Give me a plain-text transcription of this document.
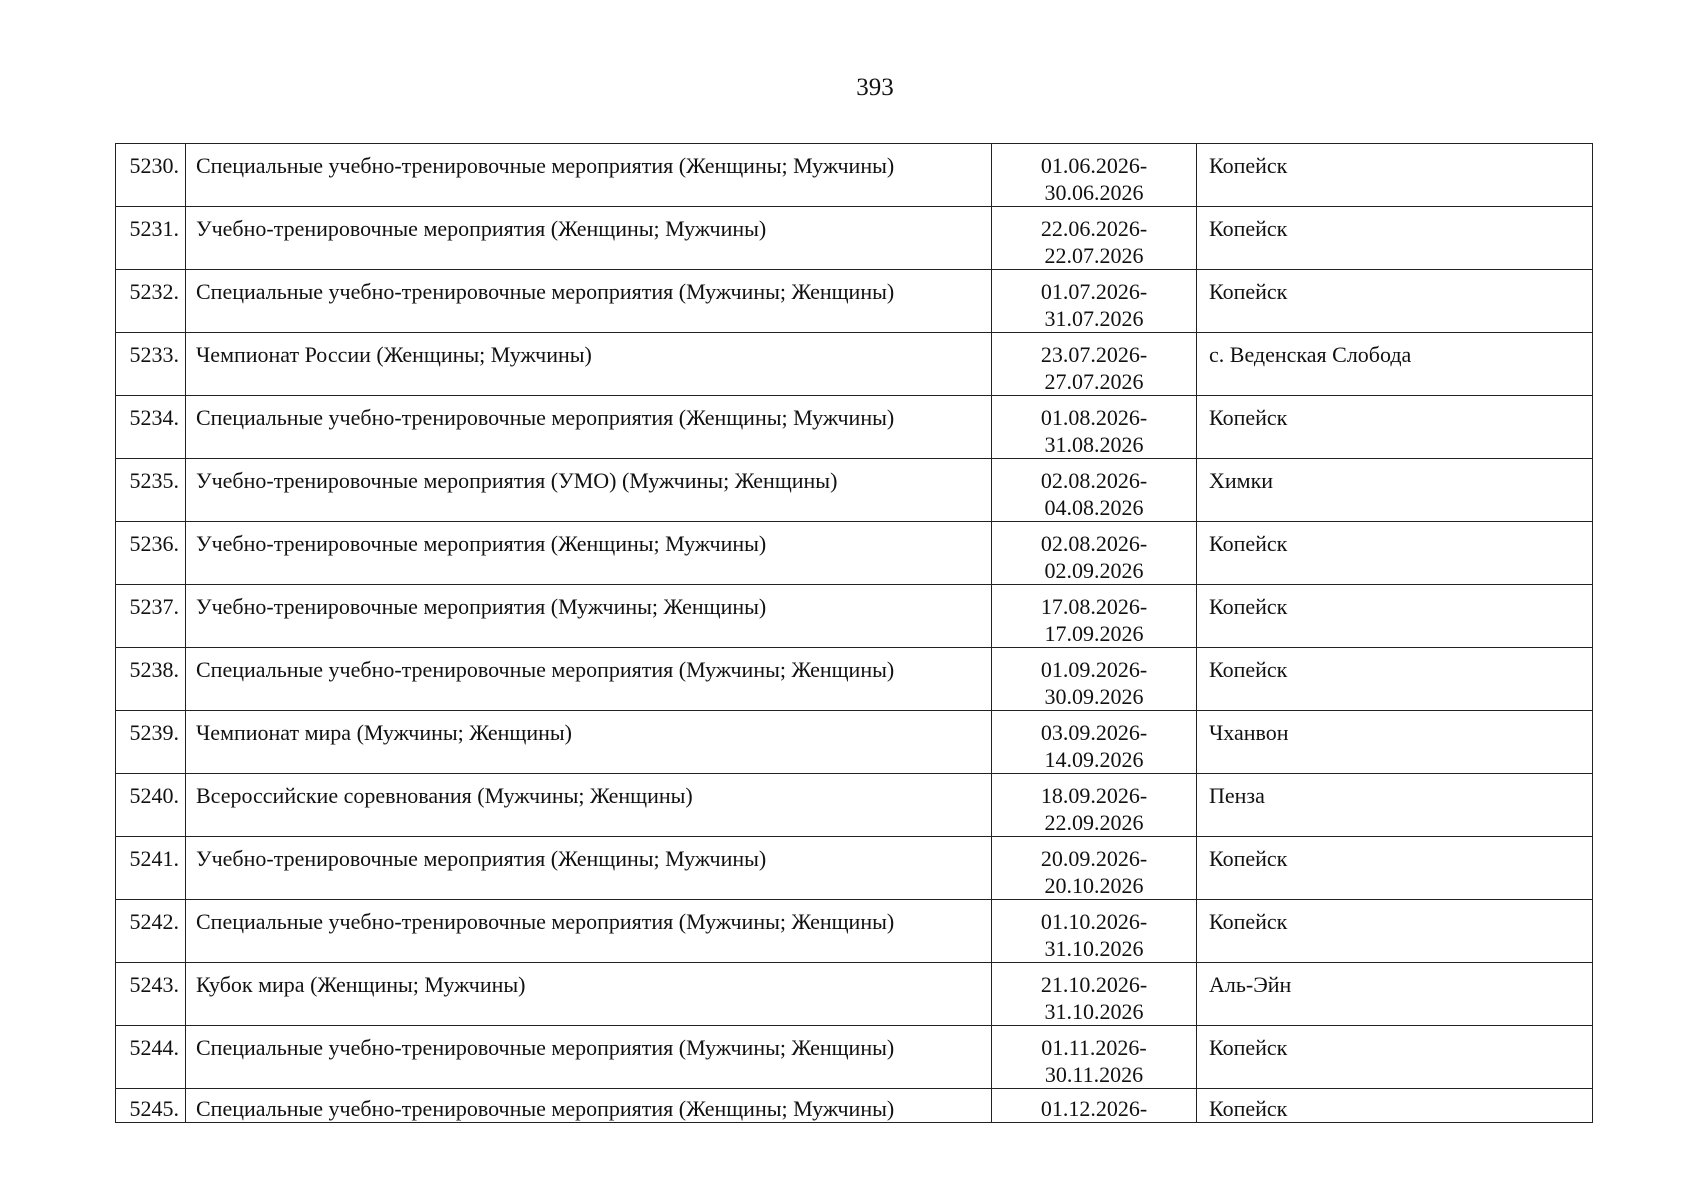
393
5230.	Специальные учебно-тренировочные мероприятия (Женщины; Мужчины)	01.06.2026-
30.06.2026	Копейск
5231.	Учебно-тренировочные мероприятия (Женщины; Мужчины)	22.06.2026-
22.07.2026	Копейск
5232.	Специальные учебно-тренировочные мероприятия (Мужчины; Женщины)	01.07.2026-
31.07.2026	Копейск
5233.	Чемпионат России (Женщины; Мужчины)	23.07.2026-
27.07.2026	с. Веденская Слобода
5234.	Специальные учебно-тренировочные мероприятия (Женщины; Мужчины)	01.08.2026-
31.08.2026	Копейск
5235.	Учебно-тренировочные мероприятия (УМО) (Мужчины; Женщины)	02.08.2026-
04.08.2026	Химки
5236.	Учебно-тренировочные мероприятия (Женщины; Мужчины)	02.08.2026-
02.09.2026	Копейск
5237.	Учебно-тренировочные мероприятия (Мужчины; Женщины)	17.08.2026-
17.09.2026	Копейск
5238.	Специальные учебно-тренировочные мероприятия (Мужчины; Женщины)	01.09.2026-
30.09.2026	Копейск
5239.	Чемпионат мира (Мужчины; Женщины)	03.09.2026-
14.09.2026	Чханвон
5240.	Всероссийские соревнования (Мужчины; Женщины)	18.09.2026-
22.09.2026	Пенза
5241.	Учебно-тренировочные мероприятия (Женщины; Мужчины)	20.09.2026-
20.10.2026	Копейск
5242.	Специальные учебно-тренировочные мероприятия (Мужчины; Женщины)	01.10.2026-
31.10.2026	Копейск
5243.	Кубок мира (Женщины; Мужчины)	21.10.2026-
31.10.2026	Аль-Эйн
5244.	Специальные учебно-тренировочные мероприятия (Мужчины; Женщины)	01.11.2026-
30.11.2026	Копейск
5245.	Специальные учебно-тренировочные мероприятия (Женщины; Мужчины)	01.12.2026-	Копейск
